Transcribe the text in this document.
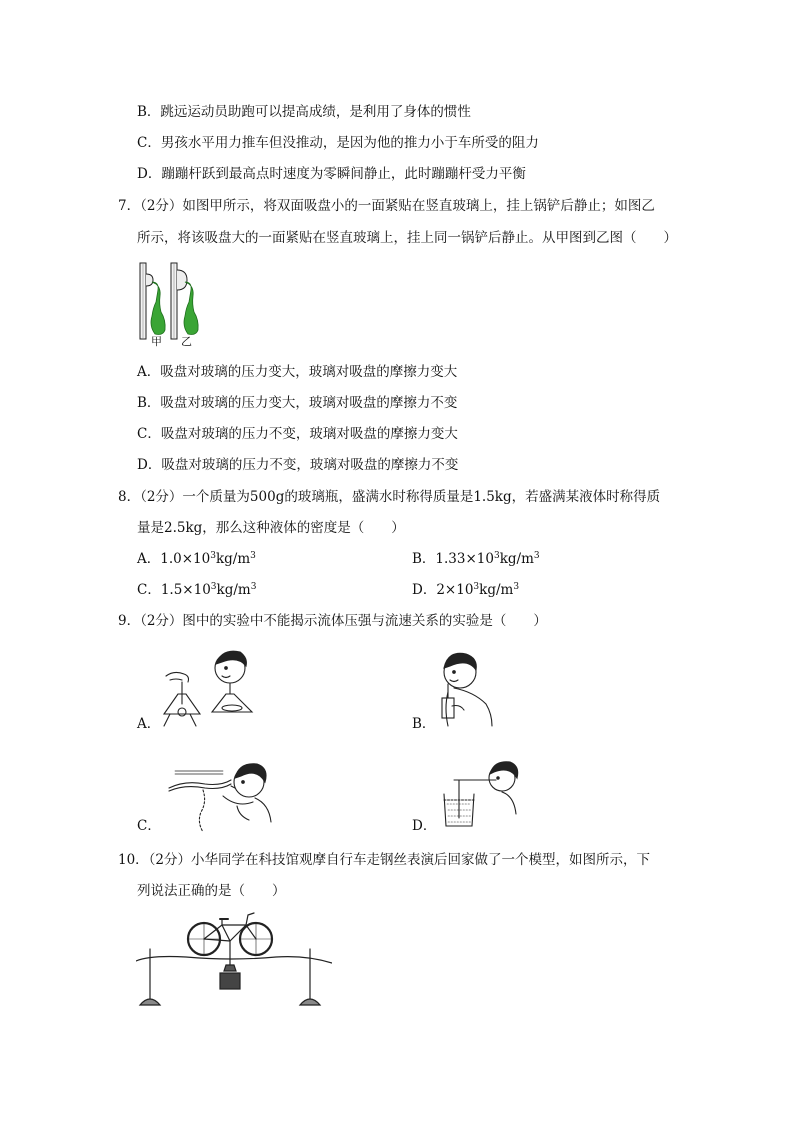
B．跳远运动员助跑可以提高成绩，是利用了身体的惯性
C．男孩水平用力推车但没推动，是因为他的推力小于车所受的阻力
D．蹦蹦杆跃到最高点时速度为零瞬间静止，此时蹦蹦杆受力平衡
7．（2分）如图甲所示，将双面吸盘小的一面紧贴在竖直玻璃上，挂上锅铲后静止；如图乙
所示，将该吸盘大的一面紧贴在竖直玻璃上，挂上同一锅铲后静止。从甲图到乙图（　　）
甲 乙
A．吸盘对玻璃的压力变大，玻璃对吸盘的摩擦力变大
B．吸盘对玻璃的压力变大，玻璃对吸盘的摩擦力不变
C．吸盘对玻璃的压力不变，玻璃对吸盘的摩擦力变大
D．吸盘对玻璃的压力不变，玻璃对吸盘的摩擦力不变
8．（2分）一个质量为500g的玻璃瓶，盛满水时称得质量是1.5kg，若盛满某液体时称得质
量是2.5kg，那么这种液体的密度是（　　）
A．$1.0\times 10^3kg/m^3$	B．$1.33\times 10^3kg/m^3$
C．$1.5\times 10^3kg/m^3$	D．$2\times 10^3kg/m^3$
9．（2分）图中的实验中不能揭示流体压强与流速关系的实验是（　　）
A．	B．
C．	D．
10．（2分）小华同学在科技馆观摩自行车走钢丝表演后回家做了一个模型，如图所示，下
列说法正确的是（　　）
